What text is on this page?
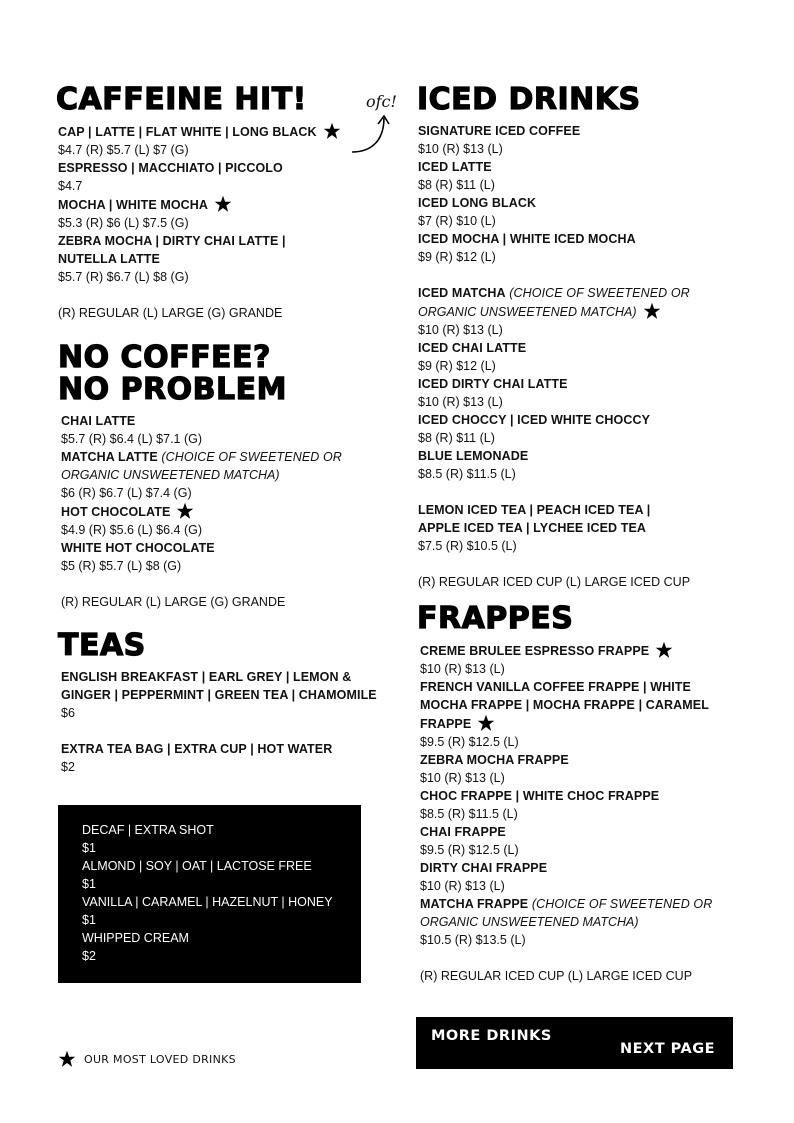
CAFFEINE HIT!
CAP | LATTE | FLAT WHITE | LONG BLACK
$4.7 (R) $5.7 (L) $7 (G)
ESPRESSO | MACCHIATO | PICCOLO
$4.7
MOCHA | WHITE MOCHA
$5.3 (R) $6 (L) $7.5 (G)
ZEBRA MOCHA | DIRTY CHAI LATTE |
NUTELLA LATTE
$5.7 (R) $6.7 (L) $8 (G)
(R) REGULAR (L) LARGE (G) GRANDE
ofc!
NO COFFEE?
NO PROBLEM
CHAI LATTE
$5.7 (R) $6.4 (L) $7.1 (G)
MATCHA LATTE (CHOICE OF SWEETENED OR
ORGANIC UNSWEETENED MATCHA)
$6 (R) $6.7 (L) $7.4 (G)
HOT CHOCOLATE
$4.9 (R) $5.6 (L) $6.4 (G)
WHITE HOT CHOCOLATE
$5 (R) $5.7 (L) $8 (G)
(R) REGULAR (L) LARGE (G) GRANDE
TEAS
ENGLISH BREAKFAST | EARL GREY | LEMON &
GINGER | PEPPERMINT | GREEN TEA | CHAMOMILE
$6
EXTRA TEA BAG | EXTRA CUP | HOT WATER
$2
DECAF | EXTRA SHOT
$1
ALMOND | SOY | OAT | LACTOSE FREE
$1
VANILLA | CARAMEL | HAZELNUT | HONEY
$1
WHIPPED CREAM
$2
OUR MOST LOVED DRINKS
ICED DRINKS
SIGNATURE ICED COFFEE
$10 (R) $13 (L)
ICED LATTE
$8 (R) $11 (L)
ICED LONG BLACK
$7 (R) $10 (L)
ICED MOCHA | WHITE ICED MOCHA
$9 (R) $12 (L)
ICED MATCHA (CHOICE OF SWEETENED OR
ORGANIC UNSWEETENED MATCHA)
$10 (R) $13 (L)
ICED CHAI LATTE
$9 (R) $12 (L)
ICED DIRTY CHAI LATTE
$10 (R) $13 (L)
ICED CHOCCY | ICED WHITE CHOCCY
$8 (R) $11 (L)
BLUE LEMONADE
$8.5 (R) $11.5 (L)
LEMON ICED TEA | PEACH ICED TEA |
APPLE ICED TEA | LYCHEE ICED TEA
$7.5 (R) $10.5 (L)
(R) REGULAR ICED CUP (L) LARGE ICED CUP
FRAPPES
CREME BRULEE ESPRESSO FRAPPE
$10 (R) $13 (L)
FRENCH VANILLA COFFEE FRAPPE | WHITE
MOCHA FRAPPE | MOCHA FRAPPE | CARAMEL
FRAPPE
$9.5 (R) $12.5 (L)
ZEBRA MOCHA FRAPPE
$10 (R) $13 (L)
CHOC FRAPPE | WHITE CHOC FRAPPE
$8.5 (R) $11.5 (L)
CHAI FRAPPE
$9.5 (R) $12.5 (L)
DIRTY CHAI FRAPPE
$10 (R) $13 (L)
MATCHA FRAPPE (CHOICE OF SWEETENED OR
ORGANIC UNSWEETENED MATCHA)
$10.5 (R) $13.5 (L)
(R) REGULAR ICED CUP (L) LARGE ICED CUP
MORE DRINKS
NEXT PAGE
